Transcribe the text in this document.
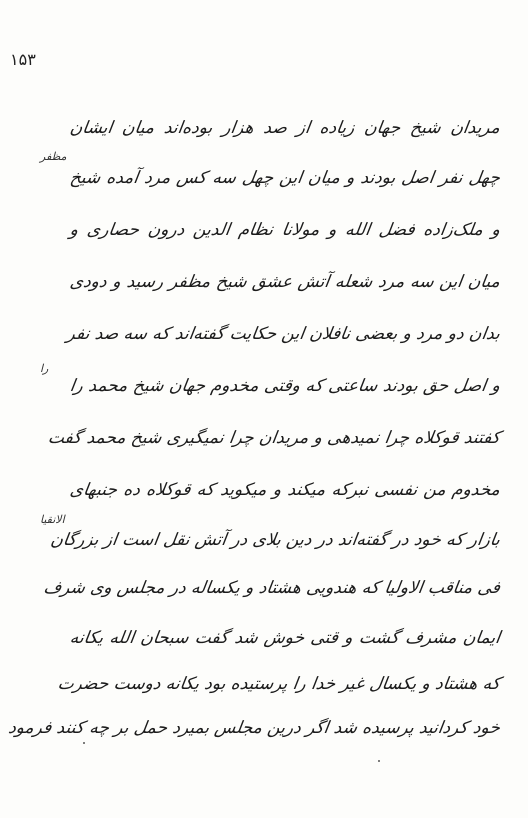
۱۵۳
مظفر
را
الانقیا
مریدان شیخ جهان زیاده از صد هزار بوده‌اند میان ایشان
چهل نفر اصل بودند و میان این چهل سه کس مرد آمده شیخ
و ملک‌زاده فضل الله و مولانا نظام الدین درون حصاری و
میان این سه مرد شعله آتش عشق شیخ مظفر رسید و دودی
بدان دو مرد و بعضی نافلان این حکایت گفته‌اند که سه صد نفر
و اصل حق بودند ساعتی که وقتی مخدوم جهان شیخ محمد را
کفتند قوکلاه چرا نمیدهی و مریدان چرا نمیگیری شیخ محمد گفت
مخدوم من نفسی نبرکه میکند و میکوید که قوکلاه ده جنبهای
بازار که خود در گفته‌اند در دین بلای در آتش نقل است از بزرگان
فی مناقب الاولیا که هندویی هشتاد و یکساله در مجلس وی شرف
ایمان مشرف گشت و قتی خوش شد گفت سبحان الله یکانه
که هشتاد و یکسال غیر خدا را پرستیده بود یکانه دوست حضرت
خود کردانید پرسیده شد اگر درین مجلس بمیرد حمل بر چه کنند فرمود
